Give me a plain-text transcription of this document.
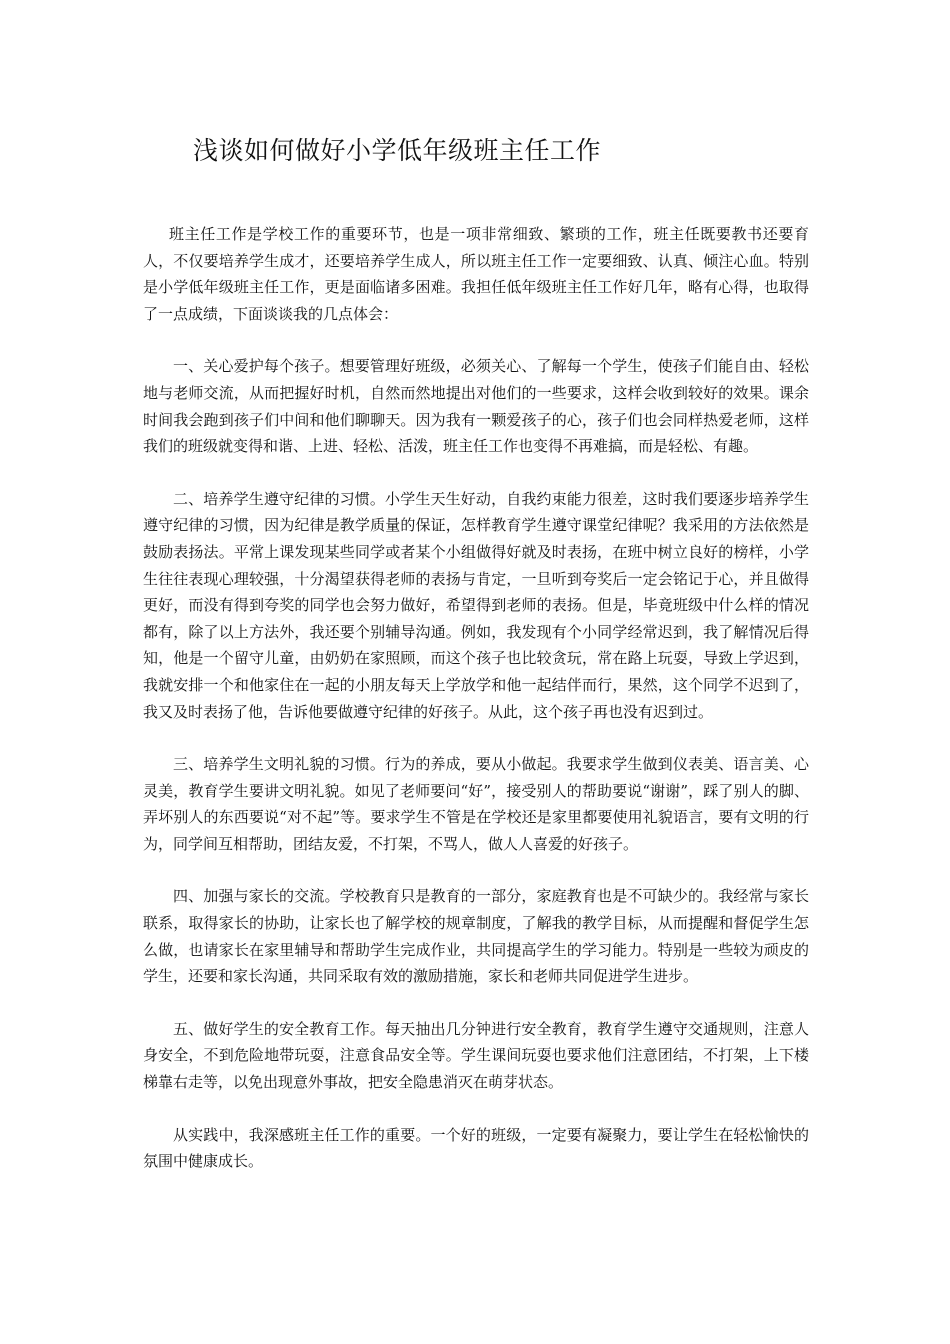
浅谈如何做好小学低年级班主任工作

班主任工作是学校工作的重要环节，也是一项非常细致、繁琐的工作，班主任既要教书还要育人，不仅要培养学生成才，还要培养学生成人，所以班主任工作一定要细致、认真、倾注心血。特别是小学低年级班主任工作，更是面临诸多困难。我担任低年级班主任工作好几年，略有心得，也取得了一点成绩，下面谈谈我的几点体会：

一、关心爱护每个孩子。想要管理好班级，必须关心、了解每一个学生，使孩子们能自由、轻松地与老师交流，从而把握好时机，自然而然地提出对他们的一些要求，这样会收到较好的效果。课余时间我会跑到孩子们中间和他们聊聊天。因为我有一颗爱孩子的心，孩子们也会同样热爱老师，这样我们的班级就变得和谐、上进、轻松、活泼，班主任工作也变得不再难搞，而是轻松、有趣。

二、培养学生遵守纪律的习惯。小学生天生好动，自我约束能力很差，这时我们要逐步培养学生遵守纪律的习惯，因为纪律是教学质量的保证，怎样教育学生遵守课堂纪律呢？我采用的方法依然是鼓励表扬法。平常上课发现某些同学或者某个小组做得好就及时表扬，在班中树立良好的榜样，小学生往往表现心理较强，十分渴望获得老师的表扬与肯定，一旦听到夸奖后一定会铭记于心，并且做得更好，而没有得到夸奖的同学也会努力做好，希望得到老师的表扬。但是，毕竟班级中什么样的情况都有，除了以上方法外，我还要个别辅导沟通。例如，我发现有个小同学经常迟到，我了解情况后得知，他是一个留守儿童，由奶奶在家照顾，而这个孩子也比较贪玩，常在路上玩耍，导致上学迟到，我就安排一个和他家住在一起的小朋友每天上学放学和他一起结伴而行，果然，这个同学不迟到了，我又及时表扬了他，告诉他要做遵守纪律的好孩子。从此，这个孩子再也没有迟到过。

三、培养学生文明礼貌的习惯。行为的养成，要从小做起。我要求学生做到仪表美、语言美、心灵美，教育学生要讲文明礼貌。如见了老师要问“好”，接受别人的帮助要说“谢谢”，踩了别人的脚、弄坏别人的东西要说“对不起”等。要求学生不管是在学校还是家里都要使用礼貌语言，要有文明的行为，同学间互相帮助，团结友爱，不打架，不骂人，做人人喜爱的好孩子。

四、加强与家长的交流。学校教育只是教育的一部分，家庭教育也是不可缺少的。我经常与家长联系，取得家长的协助，让家长也了解学校的规章制度，了解我的教学目标，从而提醒和督促学生怎么做，也请家长在家里辅导和帮助学生完成作业，共同提高学生的学习能力。特别是一些较为顽皮的学生，还要和家长沟通，共同采取有效的激励措施，家长和老师共同促进学生进步。

五、做好学生的安全教育工作。每天抽出几分钟进行安全教育，教育学生遵守交通规则，注意人身安全，不到危险地带玩耍，注意食品安全等。学生课间玩耍也要求他们注意团结，不打架，上下楼梯靠右走等，以免出现意外事故，把安全隐患消灭在萌芽状态。

从实践中，我深感班主任工作的重要。一个好的班级，一定要有凝聚力，要让学生在轻松愉快的氛围中健康成长。
